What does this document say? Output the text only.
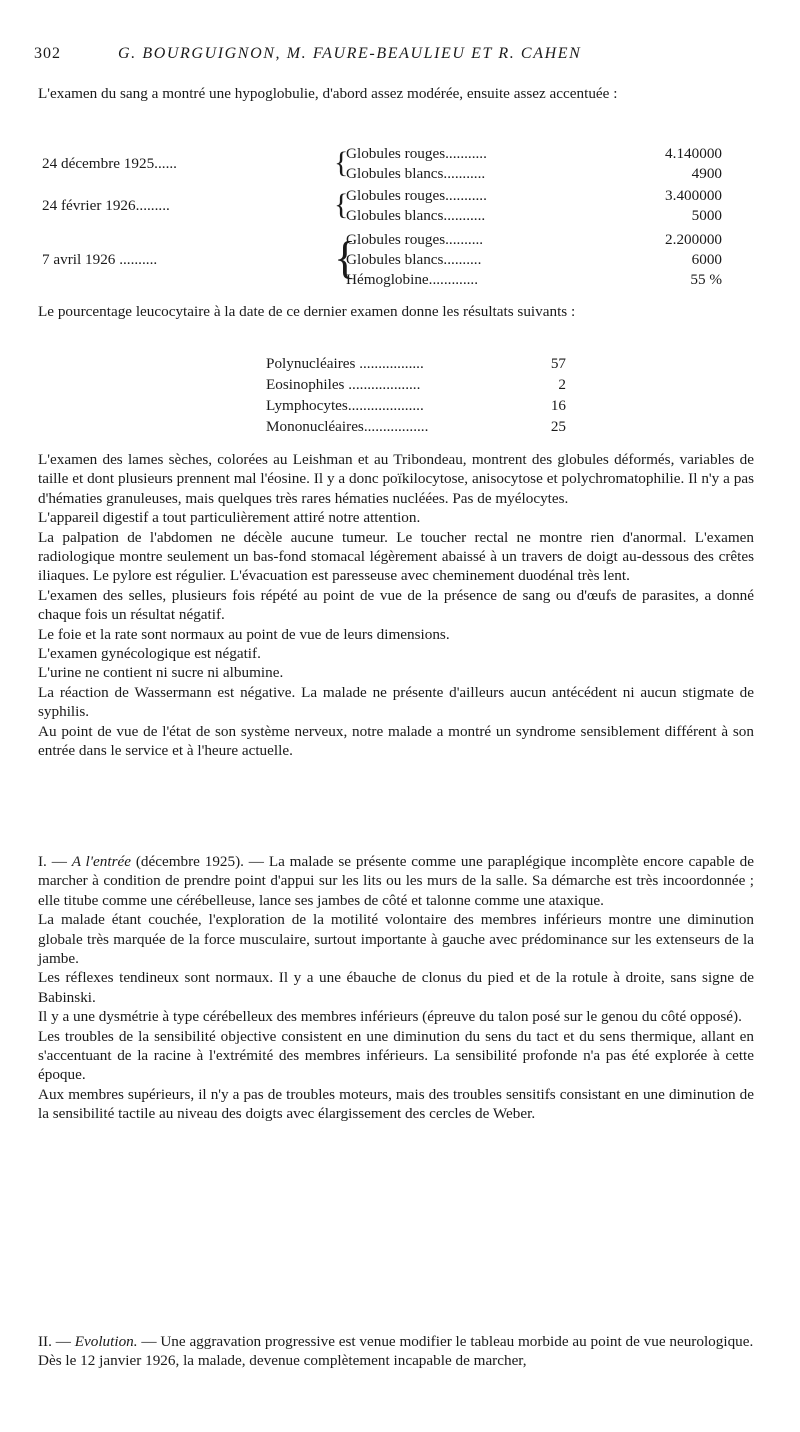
302	G. BOURGUIGNON, M. FAURE-BEAULIEU ET R. CAHEN

L'examen du sang a montré une hypoglobulie, d'abord assez modérée, ensuite assez accentuée :

24 décembre 1925......	{
Globules rouges...........	4.140000
Globules blancs...........	4900
24 février 1926.........	{
Globules rouges...........	3.400000
Globules blancs...........	5000
7 avril 1926 ..........	{
Globules rouges..........	2.200000
Globules blancs..........	6000
Hémoglobine.............	55 %

Le pourcentage leucocytaire à la date de ce dernier examen donne les résultats suivants :

Polynucléaires .................	57
Eosinophiles ...................	2
Lymphocytes....................	16
Mononucléaires.................	25

L'examen des lames sèches, colorées au Leishman et au Tribondeau, montrent des globules déformés, variables de taille et dont plusieurs prennent mal l'éosine. Il y a donc poïkilocytose, anisocytose et polychromatophilie. Il n'y a pas d'hématies granuleuses, mais quelques très rares hématies nucléées. Pas de myélocytes.

L'appareil digestif a tout particulièrement attiré notre attention.

La palpation de l'abdomen ne décèle aucune tumeur. Le toucher rectal ne montre rien d'anormal. L'examen radiologique montre seulement un bas-fond stomacal légèrement abaissé à un travers de doigt au-dessous des crêtes iliaques. Le pylore est régulier. L'évacuation est paresseuse avec cheminement duodénal très lent.

L'examen des selles, plusieurs fois répété au point de vue de la présence de sang ou d'œufs de parasites, a donné chaque fois un résultat négatif.

Le foie et la rate sont normaux au point de vue de leurs dimensions.

L'examen gynécologique est négatif.

L'urine ne contient ni sucre ni albumine.

La réaction de Wassermann est négative. La malade ne présente d'ailleurs aucun antécédent ni aucun stigmate de syphilis.

Au point de vue de l'état de son système nerveux, notre malade a montré un syndrome sensiblement différent à son entrée dans le service et à l'heure actuelle.

I. — A l'entrée (décembre 1925). — La malade se présente comme une paraplégique incomplète encore capable de marcher à condition de prendre point d'appui sur les lits ou les murs de la salle. Sa démarche est très incoordonnée ; elle titube comme une cérébelleuse, lance ses jambes de côté et talonne comme une ataxique.

La malade étant couchée, l'exploration de la motilité volontaire des membres inférieurs montre une diminution globale très marquée de la force musculaire, surtout importante à gauche avec prédominance sur les extenseurs de la jambe.

Les réflexes tendineux sont normaux. Il y a une ébauche de clonus du pied et de la rotule à droite, sans signe de Babinski.

Il y a une dysmétrie à type cérébelleux des membres inférieurs (épreuve du talon posé sur le genou du côté opposé).

Les troubles de la sensibilité objective consistent en une diminution du sens du tact et du sens thermique, allant en s'accentuant de la racine à l'extrémité des membres inférieurs. La sensibilité profonde n'a pas été explorée à cette époque.

Aux membres supérieurs, il n'y a pas de troubles moteurs, mais des troubles sensitifs consistant en une diminution de la sensibilité tactile au niveau des doigts avec élargissement des cercles de Weber.

II. — Evolution. — Une aggravation progressive est venue modifier le tableau morbide au point de vue neurologique.

Dès le 12 janvier 1926, la malade, devenue complètement incapable de marcher,
